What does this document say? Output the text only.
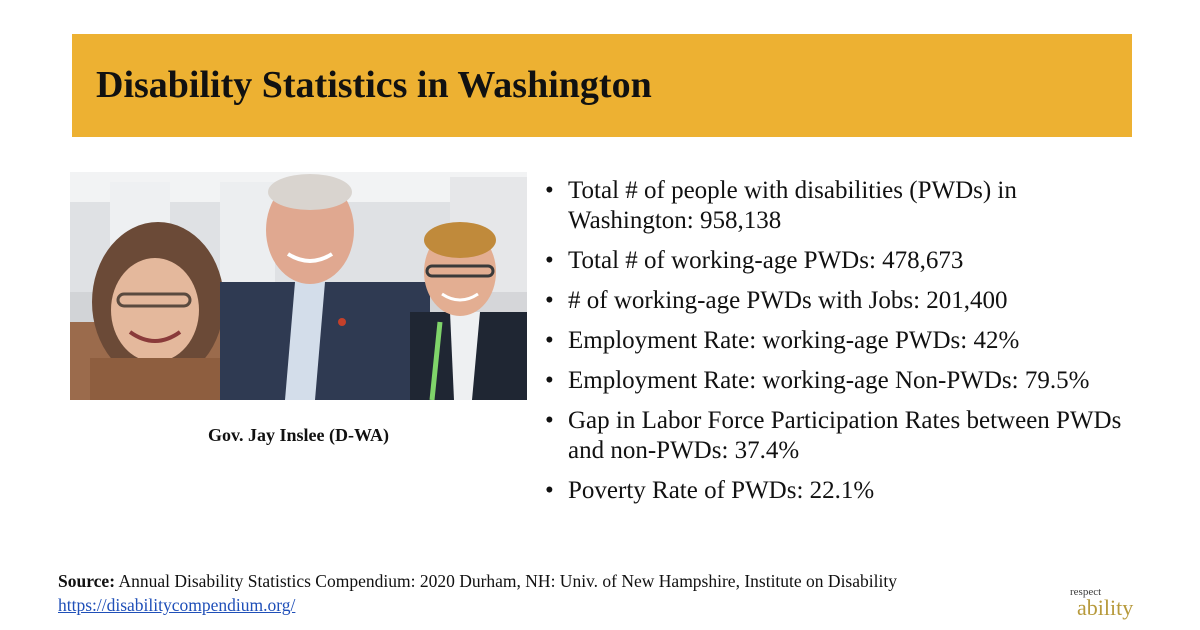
Disability Statistics in Washington
Gov. Jay Inslee (D-WA)
• Total # of people with disabilities (PWDs) in Washington: 958,138
• Total # of working-age PWDs: 478,673
• # of working-age PWDs with Jobs: 201,400
• Employment Rate: working-age PWDs: 42%
• Employment Rate: working-age Non-PWDs: 79.5%
• Gap in Labor Force Participation Rates between PWDs and non-PWDs: 37.4%
• Poverty Rate of PWDs: 22.1%
Source: Annual Disability Statistics Compendium: 2020 Durham, NH: Univ. of New Hampshire, Institute on Disability
https://disabilitycompendium.org/
respect
ability
